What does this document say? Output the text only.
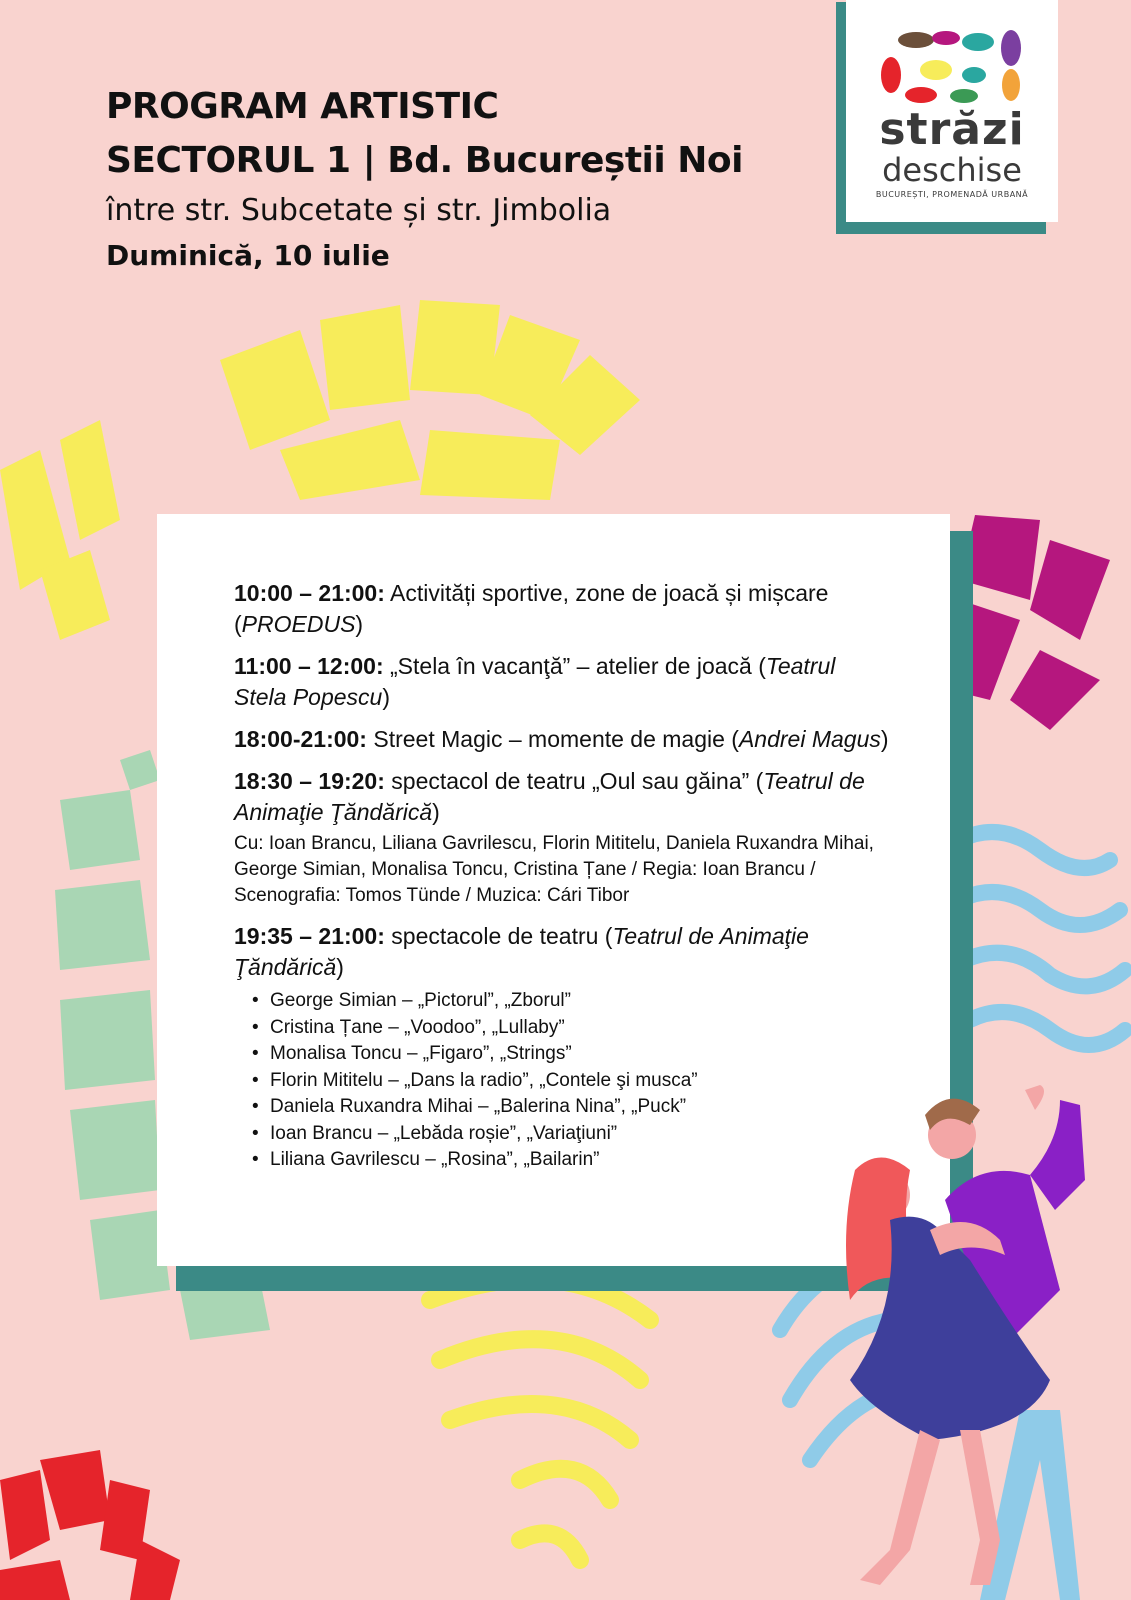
PROGRAM ARTISTIC

SECTORUL 1 | Bd. Bucureștii Noi

între str. Subcetate și str. Jimbolia

Duminică, 10 iulie

străzi
deschise
BUCUREȘTI, PROMENADĂ URBANĂ

10:00 – 21:00: Activități sportive, zone de joacă și mișcare (PROEDUS)

11:00 – 12:00: „Stela în vacanţă” – atelier de joacă (Teatrul Stela Popescu)

18:00-21:00: Street Magic – momente de magie (Andrei Magus)

18:30 – 19:20: spectacol de teatru „Oul sau găina” (Teatrul de Animaţie Ţăndărică)

Cu: Ioan Brancu, Liliana Gavrilescu, Florin Mititelu, Daniela Ruxandra Mihai, George Simian, Monalisa Toncu, Cristina Țane / Regia: Ioan Brancu / Scenografia: Tomos Tünde / Muzica: Cári Tibor

19:35 – 21:00: spectacole de teatru (Teatrul de Animaţie Ţăndărică)

• George Simian – „Pictorul”, „Zborul”
• Cristina Țane – „Voodoo”, „Lullaby”
• Monalisa Toncu – „Figaro”, „Strings”
• Florin Mititelu – „Dans la radio”, „Contele şi musca”
• Daniela Ruxandra Mihai – „Balerina Nina”, „Puck”
• Ioan Brancu – „Lebăda roșie”, „Variaţiuni”
• Liliana Gavrilescu – „Rosina”, „Bailarin”
